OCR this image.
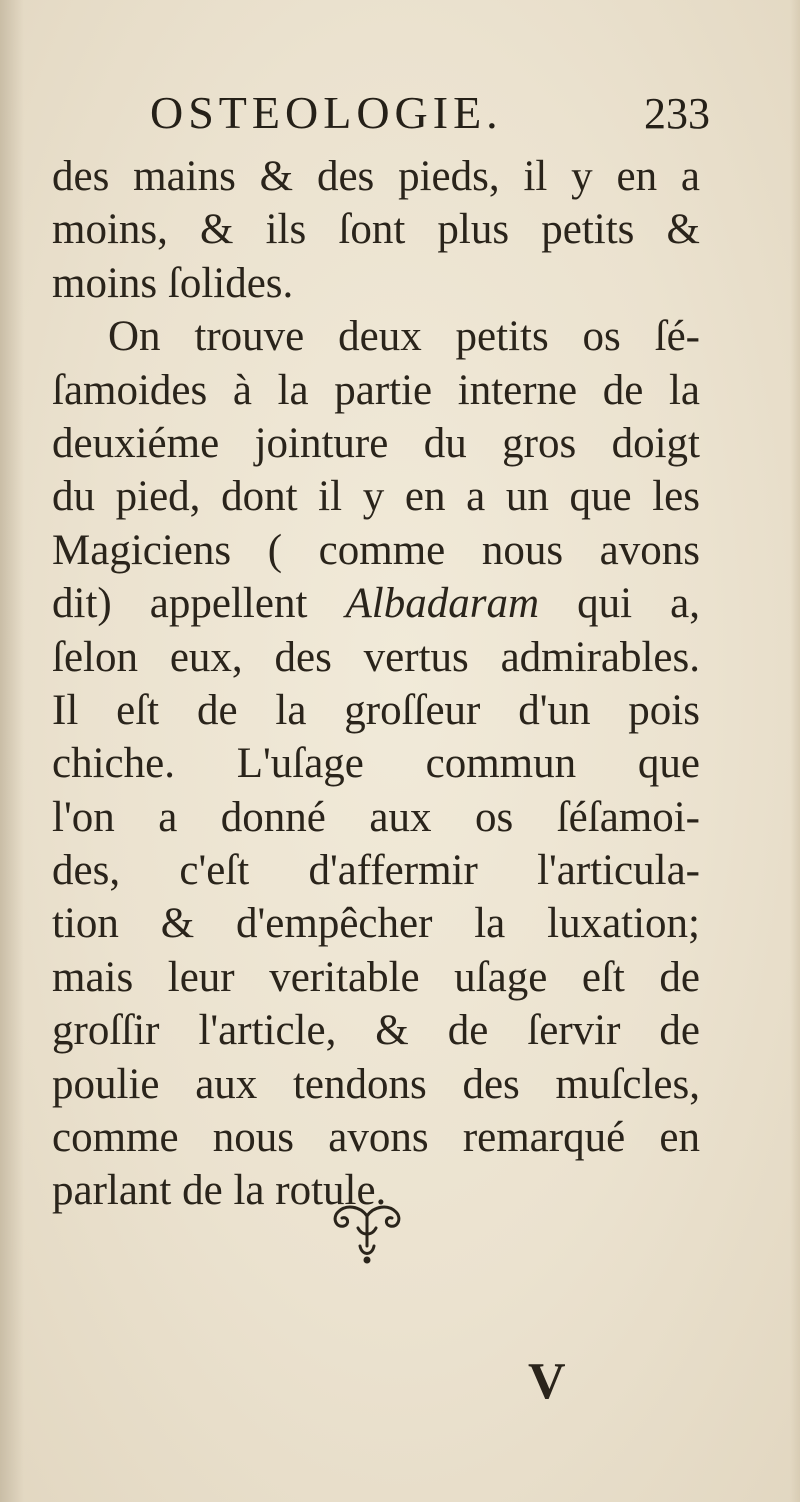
OSTEOLOGIE.	233
des mains & des pieds, il y en a
moins, & ils ſont plus petits &
moins ſolides.
On trouve deux petits os ſé-
ſamoides à la partie interne de la
deuxiéme jointure du gros doigt
du pied, dont il y en a un que les
Magiciens ( comme nous avons
dit) appellent Albadaram qui a,
ſelon eux, des vertus admirables.
Il eſt de la groſſeur d'un pois
chiche. L'uſage commun que
l'on a donné aux os ſéſamoi-
des, c'eſt d'affermir l'articula-
tion & d'empêcher la luxation;
mais leur veritable uſage eſt de
groſſir l'article, & de ſervir de
poulie aux tendons des muſcles,
comme nous avons remarqué en
parlant de la rotule.
V
